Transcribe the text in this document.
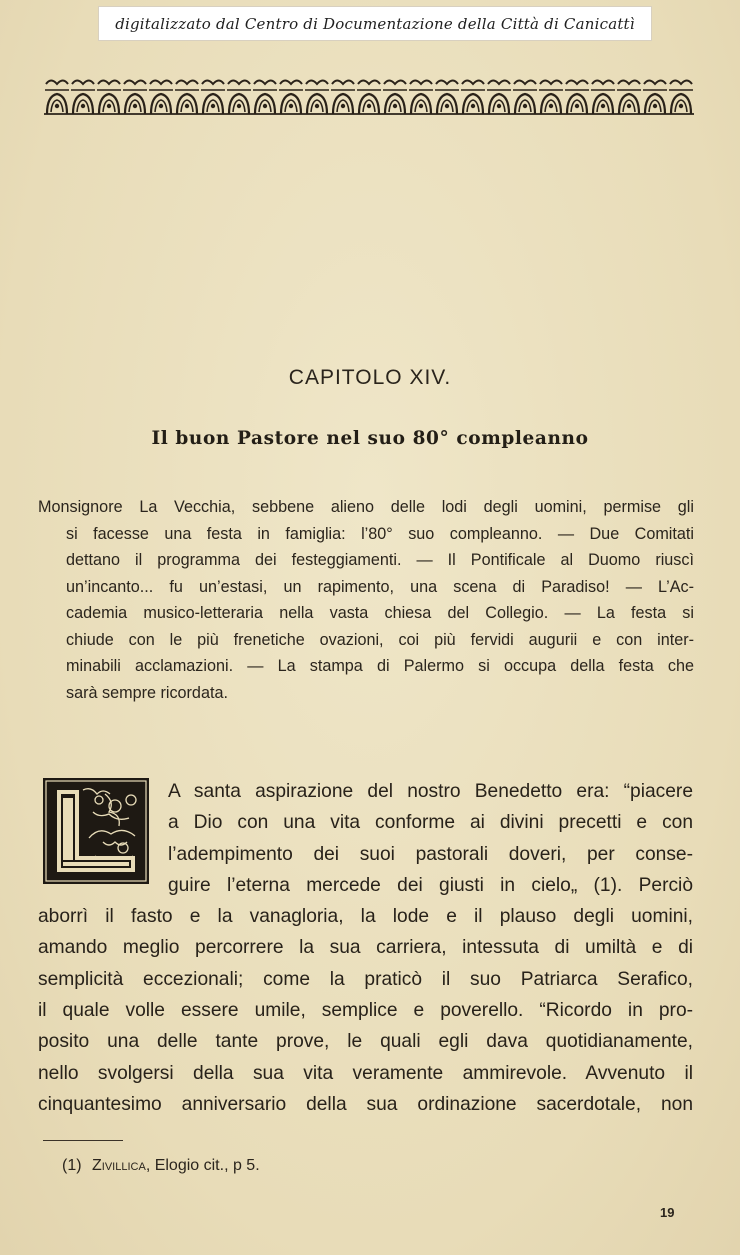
digitalizzato dal Centro di Documentazione della Città di Canicattì
CAPITOLO XIV.
Il buon Pastore nel suo 80° compleanno
Monsignore La Vecchia, sebbene alieno delle lodi degli uomini, permise gli
si facesse una festa in famiglia: l’80° suo compleanno. — Due Comitati
dettano il programma dei festeggiamenti. — Il Pontificale al Duomo riuscì
un’incanto... fu un’estasi, un rapimento, una scena di Paradiso! — L’Ac-
cademia musico-letteraria nella vasta chiesa del Collegio. — La festa si
chiude con le più frenetiche ovazioni, coi più fervidi augurii e con inter-
minabili acclamazioni. — La stampa di Palermo si occupa della festa che
sarà sempre ricordata.
A santa aspirazione del nostro Benedetto era: “piacere
a Dio con una vita conforme ai divini precetti e con
l’adempimento dei suoi pastorali doveri, per conse-
guire l’eterna mercede dei giusti in cielo„ (1). Perciò
aborrì il fasto e la vanagloria, la lode e il plauso degli uomini,
amando meglio percorrere la sua carriera, intessuta di umiltà e di
semplicità eccezionali; come la praticò il suo Patriarca Serafico,
il quale volle essere umile, semplice e poverello. “Ricordo in pro-
posito una delle tante prove, le quali egli dava quotidianamente,
nello svolgersi della sua vita veramente ammirevole. Avvenuto il
cinquantesimo anniversario della sua ordinazione sacerdotale, non
(1) Zivillica, Elogio cit., p 5.
19
